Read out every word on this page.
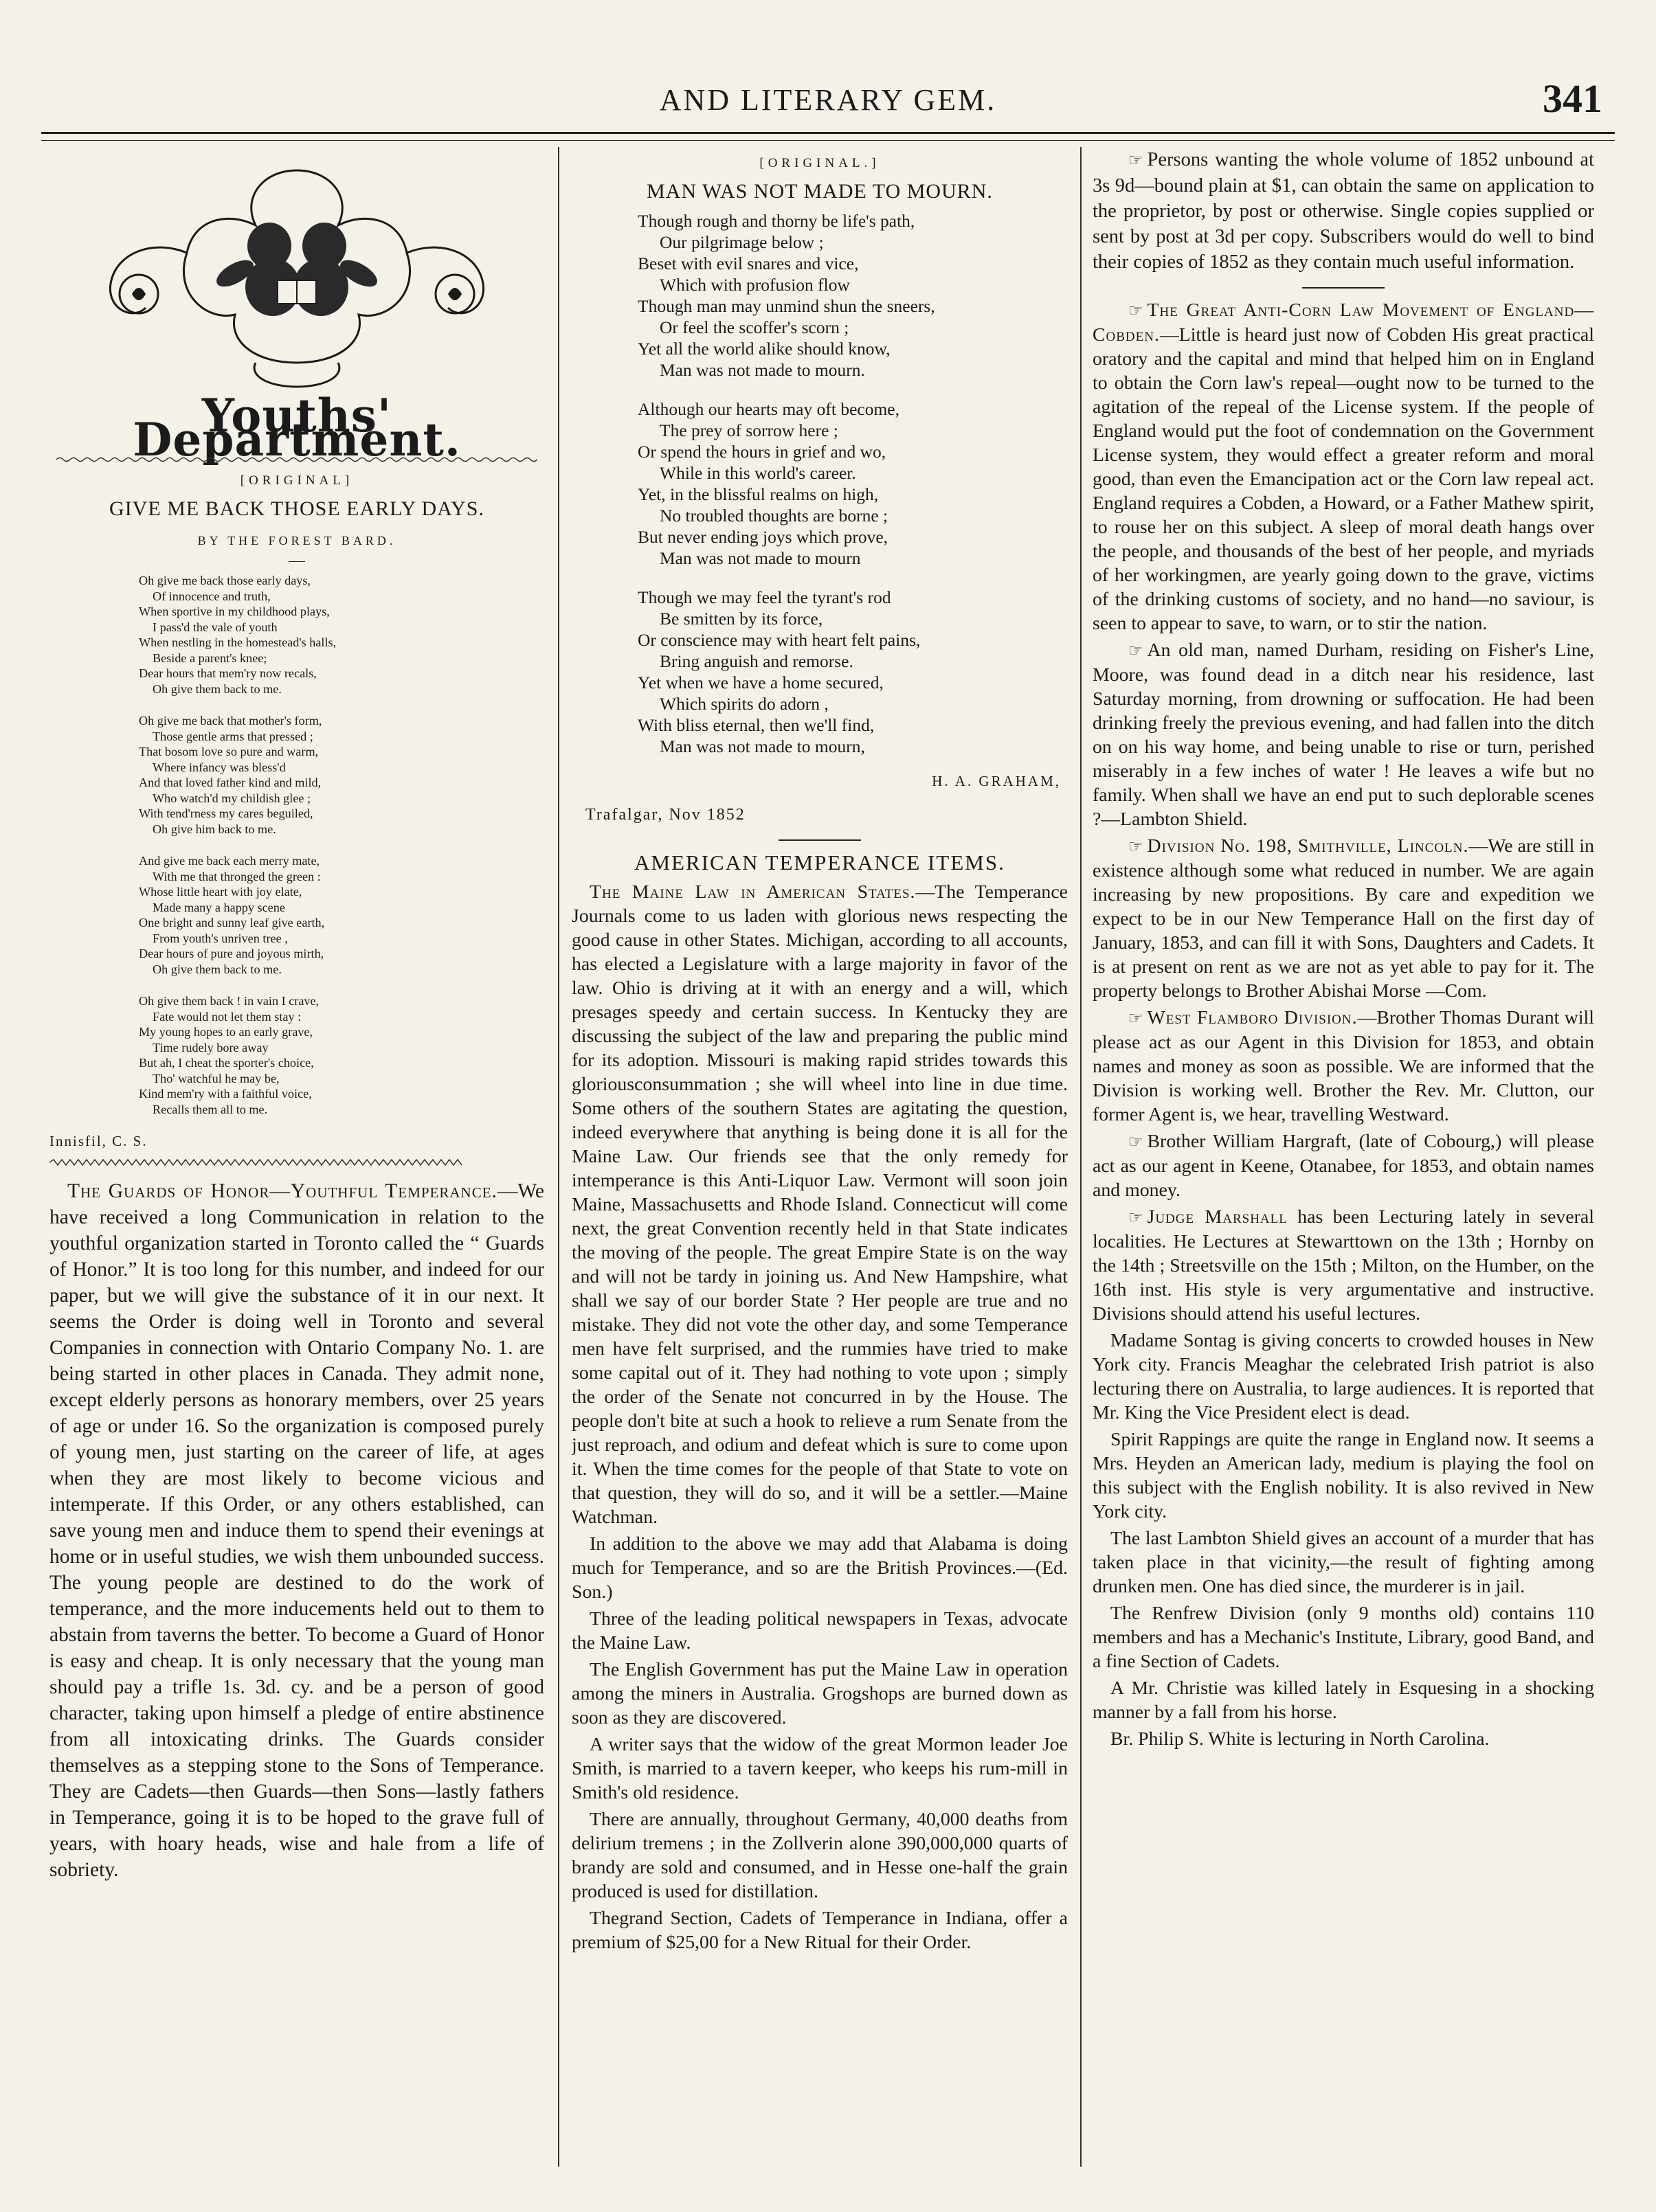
AND LITERARY GEM.	341
Youths' Department.
[ORIGINAL]
GIVE ME BACK THOSE EARLY DAYS.
BY THE FOREST BARD.
Oh give me back those early days,
Of innocence and truth,
When sportive in my childhood plays,
I pass'd the vale of youth
When nestling in the homestead's halls,
Beside a parent's knee;
Dear hours that mem'ry now recals,
Oh give them back to me.
Oh give me back that mother's form,
Those gentle arms that pressed ;
That bosom love so pure and warm,
Where infancy was bless'd
And that loved father kind and mild,
Who watch'd my childish glee ;
With tend'rness my cares beguiled,
Oh give him back to me.
And give me back each merry mate,
With me that thronged the green :
Whose little heart with joy elate,
Made many a happy scene
One bright and sunny leaf give earth,
From youth's unriven tree ,
Dear hours of pure and joyous mirth,
Oh give them back to me.
Oh give them back ! in vain I crave,
Fate would not let them stay :
My young hopes to an early grave,
Time rudely bore away
But ah, I cheat the sporter's choice,
Tho' watchful he may be,
Kind mem'ry with a faithful voice,
Recalls them all to me.
Innisfil, C. S.

The Guards of Honor—Youthful Temperance.—We have received a long Communication in relation to the youthful organization started in Toronto called the “ Guards of Honor.” It is too long for this number, and indeed for our paper, but we will give the substance of it in our next. It seems the Order is doing well in Toronto and several Companies in connection with Ontario Company No. 1. are being started in other places in Canada. They admit none, except elderly persons as honorary members, over 25 years of age or under 16. So the organization is composed purely of young men, just starting on the career of life, at ages when they are most likely to become vicious and intemperate. If this Order, or any others established, can save young men and induce them to spend their evenings at home or in useful studies, we wish them unbounded success. The young people are destined to do the work of temperance, and the more inducements held out to them to abstain from taverns the better. To become a Guard of Honor is easy and cheap. It is only necessary that the young man should pay a trifle 1s. 3d. cy. and be a person of good character, taking upon himself a pledge of entire abstinence from all intoxicating drinks. The Guards consider themselves as a stepping stone to the Sons of Temperance. They are Cadets—then Guards—then Sons—lastly fathers in Temperance, going it is to be hoped to the grave full of years, with hoary heads, wise and hale from a life of sobriety.

[ORIGINAL.]
MAN WAS NOT MADE TO MOURN.
Though rough and thorny be life's path,
Our pilgrimage below ;
Beset with evil snares and vice,
Which with profusion flow
Though man may unmind shun the sneers,
Or feel the scoffer's scorn ;
Yet all the world alike should know,
Man was not made to mourn.
Although our hearts may oft become,
The prey of sorrow here ;
Or spend the hours in grief and wo,
While in this world's career.
Yet, in the blissful realms on high,
No troubled thoughts are borne ;
But never ending joys which prove,
Man was not made to mourn
Though we may feel the tyrant's rod
Be smitten by its force,
Or conscience may with heart felt pains,
Bring anguish and remorse.
Yet when we have a home secured,
Which spirits do adorn ,
With bliss eternal, then we'll find,
Man was not made to mourn,
H. A. GRAHAM,
Trafalgar, Nov 1852
AMERICAN TEMPERANCE ITEMS.

The Maine Law in American States.—The Temperance Journals come to us laden with glorious news respecting the good cause in other States. Michigan, according to all accounts, has elected a Legislature with a large majority in favor of the law. Ohio is driving at it with an energy and a will, which presages speedy and certain success. In Kentucky they are discussing the subject of the law and preparing the public mind for its adoption. Missouri is making rapid strides towards this gloriousconsummation ; she will wheel into line in due time. Some others of the southern States are agitating the question, indeed everywhere that anything is being done it is all for the Maine Law. Our friends see that the only remedy for intemperance is this Anti-Liquor Law. Vermont will soon join Maine, Massachusetts and Rhode Island. Connecticut will come next, the great Convention recently held in that State indicates the moving of the people. The great Empire State is on the way and will not be tardy in joining us. And New Hampshire, what shall we say of our border State ? Her people are true and no mistake. They did not vote the other day, and some Temperance men have felt surprised, and the rummies have tried to make some capital out of it. They had nothing to vote upon ; simply the order of the Senate not concurred in by the House. The people don't bite at such a hook to relieve a rum Senate from the just reproach, and odium and defeat which is sure to come upon it. When the time comes for the people of that State to vote on that question, they will do so, and it will be a settler.—Maine Watchman.

In addition to the above we may add that Alabama is doing much for Temperance, and so are the British Provinces.—(Ed. Son.)

Three of the leading political newspapers in Texas, advocate the Maine Law.

The English Government has put the Maine Law in operation among the miners in Australia. Grogshops are burned down as soon as they are discovered.

A writer says that the widow of the great Mormon leader Joe Smith, is married to a tavern keeper, who keeps his rum-mill in Smith's old residence.

There are annually, throughout Germany, 40,000 deaths from delirium tremens ; in the Zollverin alone 390,000,000 quarts of brandy are sold and consumed, and in Hesse one-half the grain produced is used for distillation.

Thegrand Section, Cadets of Temperance in Indiana, offer a premium of $25,00 for a New Ritual for their Order.

☞ Persons wanting the whole volume of 1852 unbound at 3s 9d—bound plain at $1, can obtain the same on application to the proprietor, by post or otherwise. Single copies supplied or sent by post at 3d per copy. Subscribers would do well to bind their copies of 1852 as they contain much useful information.

☞ The Great Anti-Corn Law Movement of England—Cobden.—Little is heard just now of Cobden His great practical oratory and the capital and mind that helped him on in England to obtain the Corn law's repeal—ought now to be turned to the agitation of the repeal of the License system. If the people of England would put the foot of condemnation on the Government License system, they would effect a greater reform and moral good, than even the Emancipation act or the Corn law repeal act. England requires a Cobden, a Howard, or a Father Mathew spirit, to rouse her on this subject. A sleep of moral death hangs over the people, and thousands of the best of her people, and myriads of her workingmen, are yearly going down to the grave, victims of the drinking customs of society, and no hand—no saviour, is seen to appear to save, to warn, or to stir the nation.

☞ An old man, named Durham, residing on Fisher's Line, Moore, was found dead in a ditch near his residence, last Saturday morning, from drowning or suffocation. He had been drinking freely the previous evening, and had fallen into the ditch on on his way home, and being unable to rise or turn, perished miserably in a few inches of water ! He leaves a wife but no family. When shall we have an end put to such deplorable scenes ?—Lambton Shield.

☞ Division No. 198, Smithville, Lincoln.—We are still in existence although some what reduced in number. We are again increasing by new propositions. By care and expedition we expect to be in our New Temperance Hall on the first day of January, 1853, and can fill it with Sons, Daughters and Cadets. It is at present on rent as we are not as yet able to pay for it. The property belongs to Brother Abishai Morse —Com.

☞ West Flamboro Division.—Brother Thomas Durant will please act as our Agent in this Division for 1853, and obtain names and money as soon as possible. We are informed that the Division is working well. Brother the Rev. Mr. Clutton, our former Agent is, we hear, travelling Westward.

☞ Brother William Hargraft, (late of Cobourg,) will please act as our agent in Keene, Otanabee, for 1853, and obtain names and money.

☞ Judge Marshall has been Lecturing lately in several localities. He Lectures at Stewarttown on the 13th ; Hornby on the 14th ; Streetsville on the 15th ; Milton, on the Humber, on the 16th inst. His style is very argumentative and instructive. Divisions should attend his useful lectures.

Madame Sontag is giving concerts to crowded houses in New York city. Francis Meaghar the celebrated Irish patriot is also lecturing there on Australia, to large audiences. It is reported that Mr. King the Vice President elect is dead.

Spirit Rappings are quite the range in England now. It seems a Mrs. Heyden an American lady, medium is playing the fool on this subject with the English nobility. It is also revived in New York city.

The last Lambton Shield gives an account of a murder that has taken place in that vicinity,—the result of fighting among drunken men. One has died since, the murderer is in jail.

The Renfrew Division (only 9 months old) contains 110 members and has a Mechanic's Institute, Library, good Band, and a fine Section of Cadets.

A Mr. Christie was killed lately in Esquesing in a shocking manner by a fall from his horse.

Br. Philip S. White is lecturing in North Carolina.
